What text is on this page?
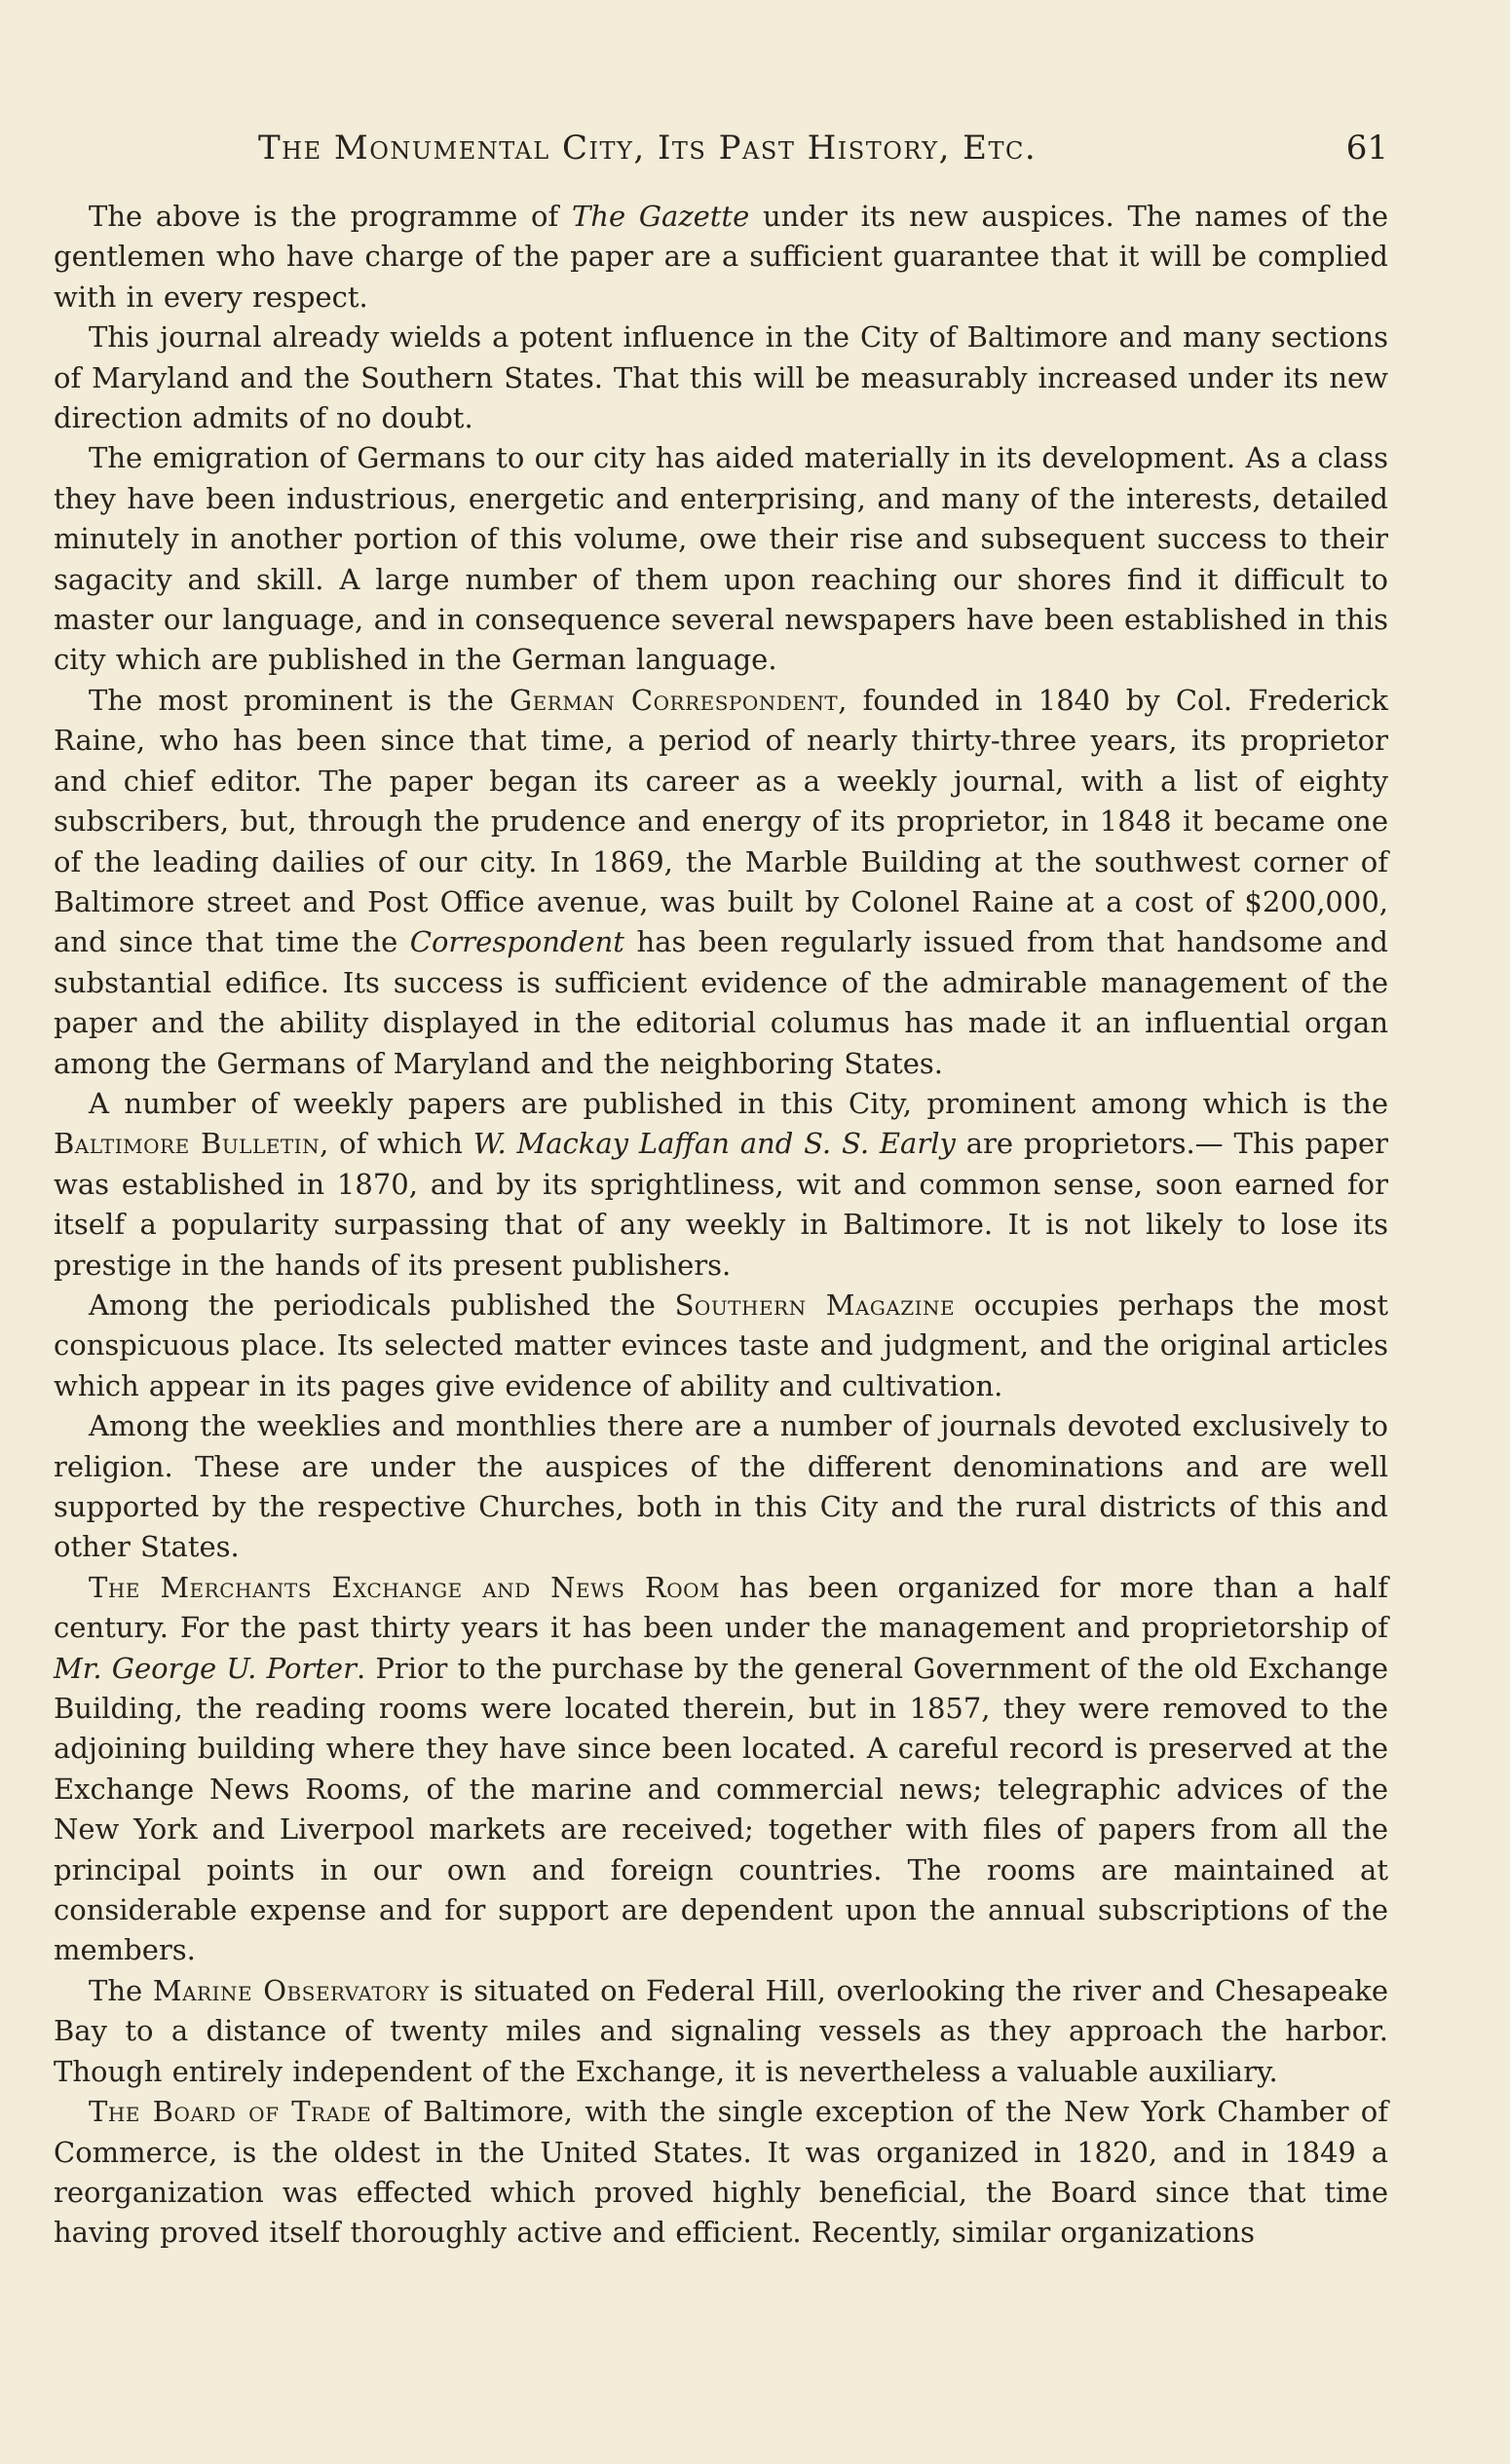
The Monumental City, Its Past History, Etc.	61

The above is the programme of The Gazette under its new auspices. The names of the gentlemen who have charge of the paper are a sufficient guarantee that it will be complied with in every respect.

This journal already wields a potent influence in the City of Baltimore and many sections of Maryland and the Southern States. That this will be measurably increased under its new direction admits of no doubt.

The emigration of Germans to our city has aided materially in its development. As a class they have been industrious, energetic and enterprising, and many of the interests, detailed minutely in another portion of this volume, owe their rise and subsequent success to their sagacity and skill. A large number of them upon reaching our shores find it difficult to master our language, and in consequence several newspapers have been established in this city which are published in the German language.

The most prominent is the German Correspondent, founded in 1840 by Col. Frederick Raine, who has been since that time, a period of nearly thirty-three years, its proprietor and chief editor. The paper began its career as a weekly journal, with a list of eighty subscribers, but, through the prudence and energy of its proprietor, in 1848 it became one of the leading dailies of our city. In 1869, the Marble Building at the southwest corner of Baltimore street and Post Office avenue, was built by Colonel Raine at a cost of $200,000, and since that time the Correspondent has been regularly issued from that handsome and substantial edifice. Its success is sufficient evidence of the admirable management of the paper and the ability displayed in the editorial columus has made it an influential organ among the Germans of Maryland and the neighboring States.

A number of weekly papers are published in this City, prominent among which is the Baltimore Bulletin, of which W. Mackay Laffan and S. S. Early are proprietors.— This paper was established in 1870, and by its sprightliness, wit and common sense, soon earned for itself a popularity surpassing that of any weekly in Baltimore. It is not likely to lose its prestige in the hands of its present publishers.

Among the periodicals published the Southern Magazine occupies perhaps the most conspicuous place. Its selected matter evinces taste and judgment, and the original articles which appear in its pages give evidence of ability and cultivation.

Among the weeklies and monthlies there are a number of journals devoted exclusively to religion. These are under the auspices of the different denominations and are well supported by the respective Churches, both in this City and the rural districts of this and other States.

The Merchants Exchange and News Room has been organized for more than a half century. For the past thirty years it has been under the management and proprietorship of Mr. George U. Porter. Prior to the purchase by the general Government of the old Exchange Building, the reading rooms were located therein, but in 1857, they were removed to the adjoining building where they have since been located. A careful record is preserved at the Exchange News Rooms, of the marine and commercial news; telegraphic advices of the New York and Liverpool markets are received; together with files of papers from all the principal points in our own and foreign countries. The rooms are maintained at considerable expense and for support are dependent upon the annual subscriptions of the members.

The Marine Observatory is situated on Federal Hill, overlooking the river and Chesapeake Bay to a distance of twenty miles and signaling vessels as they approach the harbor. Though entirely independent of the Exchange, it is nevertheless a valuable auxiliary.

The Board of Trade of Baltimore, with the single exception of the New York Chamber of Commerce, is the oldest in the United States. It was organized in 1820, and in 1849 a reorganization was effected which proved highly beneficial, the Board since that time having proved itself thoroughly active and efficient. Recently, similar organizations
